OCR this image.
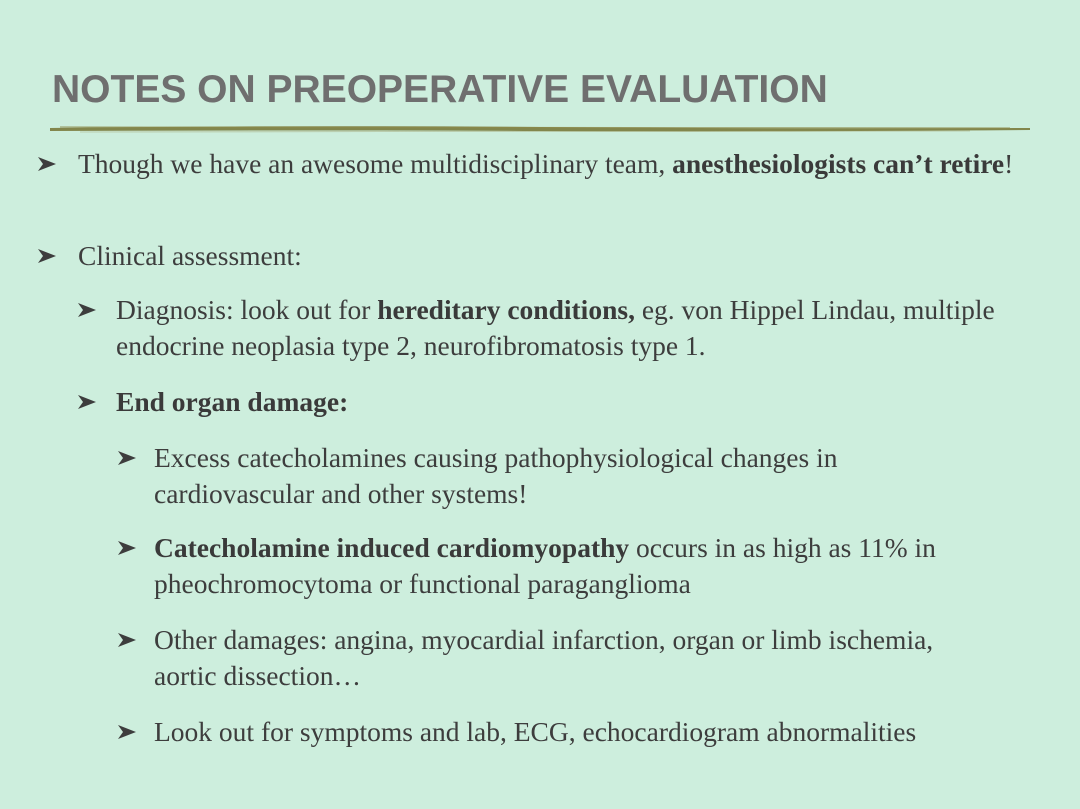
NOTES ON PREOPERATIVE EVALUATION
Though we have an awesome multidisciplinary team, anesthesiologists can’t retire!
Clinical assessment:
Diagnosis: look out for hereditary conditions, eg. von Hippel Lindau, multiple endocrine neoplasia type 2, neurofibromatosis type 1.
End organ damage:
Excess catecholamines causing pathophysiological changes in cardiovascular and other systems!
Catecholamine induced cardiomyopathy occurs in as high as 11% in pheochromocytoma or functional paraganglioma
Other damages: angina, myocardial infarction, organ or limb ischemia, aortic dissection…
Look out for symptoms and lab, ECG, echocardiogram abnormalities
